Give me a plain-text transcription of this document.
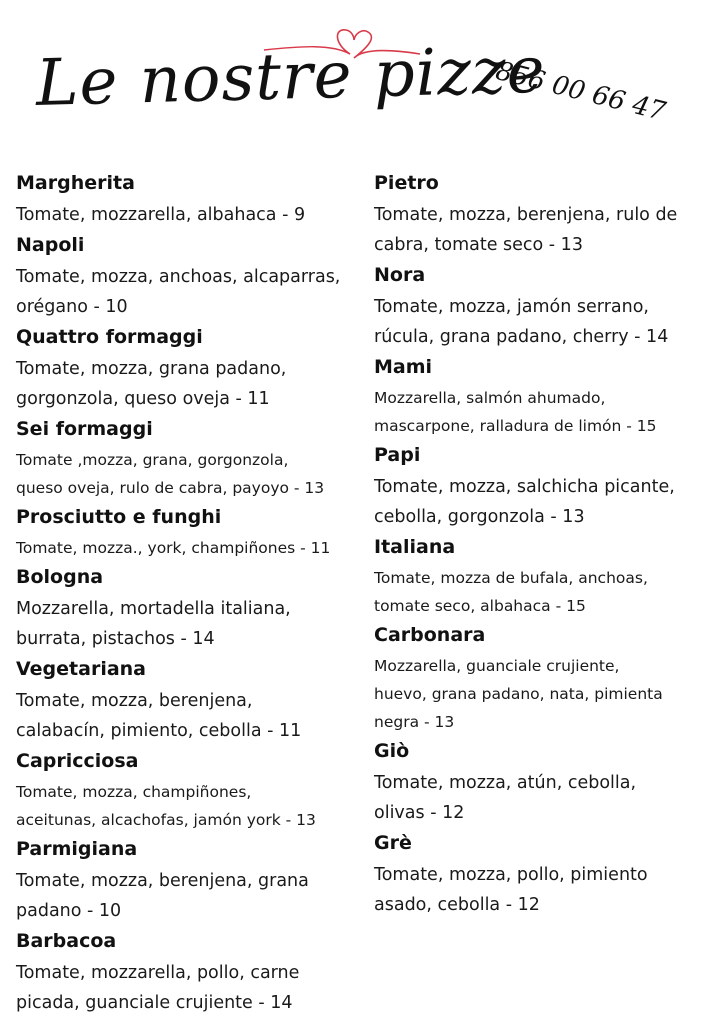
Le nostre pizze
856 00 66 47
Margherita
Tomate, mozzarella, albahaca - 9
Napoli
Tomate, mozza, anchoas, alcaparras,
orégano - 10
Quattro formaggi
Tomate, mozza, grana padano,
gorgonzola, queso oveja - 11
Sei formaggi
Tomate ,mozza, grana, gorgonzola,
queso oveja, rulo de cabra, payoyo - 13
Prosciutto e funghi
Tomate, mozza., york, champiñones - 11
Bologna
Mozzarella, mortadella italiana,
burrata, pistachos - 14
Vegetariana
Tomate, mozza, berenjena,
calabacín, pimiento, cebolla - 11
Capricciosa
Tomate, mozza, champiñones,
aceitunas, alcachofas, jamón york - 13
Parmigiana
Tomate, mozza, berenjena, grana
padano - 10
Barbacoa
Tomate, mozzarella, pollo, carne
picada, guanciale crujiente - 14
Pietro
Tomate, mozza, berenjena, rulo de
cabra, tomate seco - 13
Nora
Tomate, mozza, jamón serrano,
rúcula, grana padano, cherry - 14
Mami
Mozzarella, salmón ahumado,
mascarpone, ralladura de limón - 15
Papi
Tomate, mozza, salchicha picante,
cebolla, gorgonzola - 13
Italiana
Tomate, mozza de bufala, anchoas,
tomate seco, albahaca - 15
Carbonara
Mozzarella, guanciale crujiente,
huevo, grana padano, nata, pimienta
negra - 13
Giò
Tomate, mozza, atún, cebolla,
olivas - 12
Grè
Tomate, mozza, pollo, pimiento
asado, cebolla - 12
